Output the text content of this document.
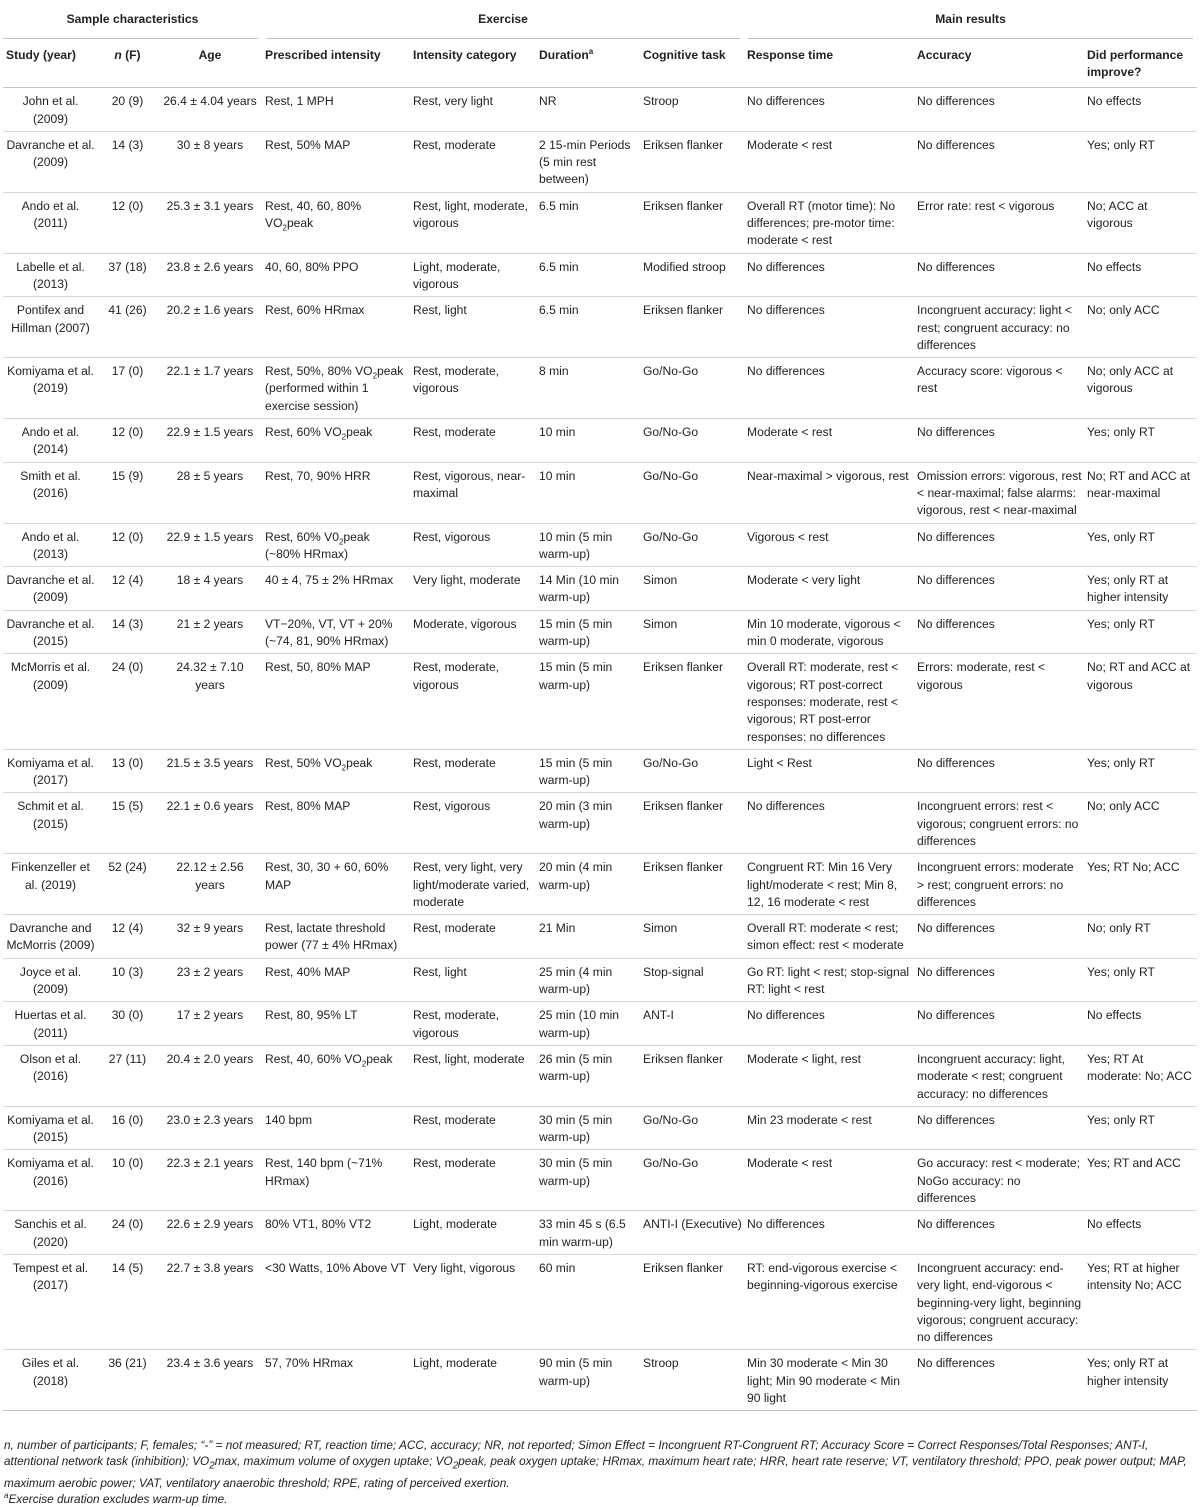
Sample characteristics			Exercise				Main results		

Study (year)	n (F)	Age	Prescribed intensity	Intensity category	Duration$^a$	Cognitive task	Response time	Accuracy	Did performance improve?
John et al. (2009)	20 (9)	26.4 ± 4.04 years	Rest, 1 MPH	Rest, very light	NR	Stroop	No differences	No differences	No effects
Davranche et al. (2009)	14 (3)	30 ± 8 years	Rest, 50% MAP	Rest, moderate	2 15-min Periods (5 min rest between)	Eriksen flanker	Moderate < rest	No differences	Yes; only RT
Ando et al. (2011)	12 (0)	25.3 ± 3.1 years	Rest, 40, 60, 80% $VO_2peak$	Rest, light, moderate, vigorous	6.5 min	Eriksen flanker	Overall RT (motor time): No differences; pre-motor time: moderate < rest	Error rate: rest < vigorous	No; ACC at vigorous
Labelle et al. (2013)	37 (18)	23.8 ± 2.6 years	40, 60, 80% PPO	Light, moderate, vigorous	6.5 min	Modified stroop	No differences	No differences	No effects
Pontifex and Hillman (2007)	41 (26)	20.2 ± 1.6 years	Rest, 60% HRmax	Rest, light	6.5 min	Eriksen flanker	No differences	Incongruent accuracy: light < rest; congruent accuracy: no differences	No; only ACC
Komiyama et al. (2019)	17 (0)	22.1 ± 1.7 years	Rest, 50%, 80% $VO_2peak$ (performed within 1 exercise session)	Rest, moderate, vigorous	8 min	Go/No-Go	No differences	Accuracy score: vigorous < rest	No; only ACC at vigorous
Ando et al. (2014)	12 (0)	22.9 ± 1.5 years	Rest, 60% $VO_2peak$	Rest, moderate	10 min	Go/No-Go	Moderate < rest	No differences	Yes; only RT
Smith et al. (2016)	15 (9)	28 ± 5 years	Rest, 70, 90% HRR	Rest, vigorous, near-maximal	10 min	Go/No-Go	Near-maximal > vigorous, rest	Omission errors: vigorous, rest < near-maximal; false alarms: vigorous, rest < near-maximal	No; RT and ACC at near-maximal
Ando et al. (2013)	12 (0)	22.9 ± 1.5 years	Rest, 60% $V0_2peak$ (~80% HRmax)	Rest, vigorous	10 min (5 min warm-up)	Go/No-Go	Vigorous < rest	No differences	Yes, only RT
Davranche et al. (2009)	12 (4)	18 ± 4 years	40 ± 4, 75 ± 2% HRmax	Very light, moderate	14 Min (10 min warm-up)	Simon	Moderate < very light	No differences	Yes; only RT at higher intensity
Davranche et al. (2015)	14 (3)	21 ± 2 years	VT−20%, VT, VT + 20% (~74, 81, 90% HRmax)	Moderate, vigorous	15 min (5 min warm-up)	Simon	Min 10 moderate, vigorous < min 0 moderate, vigorous	No differences	Yes; only RT
McMorris et al. (2009)	24 (0)	24.32 ± 7.10 years	Rest, 50, 80% MAP	Rest, moderate, vigorous	15 min (5 min warm-up)	Eriksen flanker	Overall RT: moderate, rest < vigorous; RT post-correct responses: moderate, rest < vigorous; RT post-error responses: no differences	Errors: moderate, rest < vigorous	No; RT and ACC at vigorous
Komiyama et al. (2017)	13 (0)	21.5 ± 3.5 years	Rest, 50% $VO_2peak$	Rest, moderate	15 min (5 min warm-up)	Go/No-Go	Light < Rest	No differences	Yes; only RT
Schmit et al. (2015)	15 (5)	22.1 ± 0.6 years	Rest, 80% MAP	Rest, vigorous	20 min (3 min warm-up)	Eriksen flanker	No differences	Incongruent errors: rest < vigorous; congruent errors: no differences	No; only ACC
Finkenzeller et al. (2019)	52 (24)	22.12 ± 2.56 years	Rest, 30, 30 + 60, 60% MAP	Rest, very light, very light/moderate varied, moderate	20 min (4 min warm-up)	Eriksen flanker	Congruent RT: Min 16 Very light/moderate < rest; Min 8, 12, 16 moderate < rest	Incongruent errors: moderate > rest; congruent errors: no differences	Yes; RT No; ACC
Davranche and McMorris (2009)	12 (4)	32 ± 9 years	Rest, lactate threshold power (77 ± 4% HRmax)	Rest, moderate	21 Min	Simon	Overall RT: moderate < rest; simon effect: rest < moderate	No differences	No; only RT
Joyce et al. (2009)	10 (3)	23 ± 2 years	Rest, 40% MAP	Rest, light	25 min (4 min warm-up)	Stop-signal	Go RT: light < rest; stop-signal RT: light < rest	No differences	Yes; only RT
Huertas et al. (2011)	30 (0)	17 ± 2 years	Rest, 80, 95% LT	Rest, moderate, vigorous	25 min (10 min warm-up)	ANT-I	No differences	No differences	No effects
Olson et al. (2016)	27 (11)	20.4 ± 2.0 years	Rest, 40, 60% $VO_2peak$	Rest, light, moderate	26 min (5 min warm-up)	Eriksen flanker	Moderate < light, rest	Incongruent accuracy: light, moderate < rest; congruent accuracy: no differences	Yes; RT At moderate: No; ACC
Komiyama et al. (2015)	16 (0)	23.0 ± 2.3 years	140 bpm	Rest, moderate	30 min (5 min warm-up)	Go/No-Go	Min 23 moderate < rest	No differences	Yes; only RT
Komiyama et al. (2016)	10 (0)	22.3 ± 2.1 years	Rest, 140 bpm (~71% HRmax)	Rest, moderate	30 min (5 min warm-up)	Go/No-Go	Moderate < rest	Go accuracy: rest < moderate; NoGo accuracy: no differences	Yes; RT and ACC
Sanchis et al. (2020)	24 (0)	22.6 ± 2.9 years	80% VT1, 80% VT2	Light, moderate	33 min 45 s (6.5 min warm-up)	ANTI-I (Executive)	No differences	No differences	No effects
Tempest et al. (2017)	14 (5)	22.7 ± 3.8 years	<30 Watts, 10% Above VT	Very light, vigorous	60 min	Eriksen flanker	RT: end-vigorous exercise < beginning-vigorous exercise	Incongruent accuracy: end-very light, end-vigorous < beginning-very light, beginning vigorous; congruent accuracy: no differences	Yes; RT at higher intensity No; ACC
Giles et al. (2018)	36 (21)	23.4 ± 3.6 years	57, 70% HRmax	Light, moderate	90 min (5 min warm-up)	Stroop	Min 30 moderate < Min 30 light; Min 90 moderate < Min 90 light	No differences	Yes; only RT at higher intensity
n, number of participants; F, females; “-” = not measured; RT, reaction time; ACC, accuracy; NR, not reported; Simon Effect = Incongruent RT-Congruent RT; Accuracy Score = Correct Responses/Total Responses; ANT-I, attentional network task (inhibition); $VO_2\max$, maximum volume of oxygen uptake; $VO_2peak$, peak oxygen uptake; HRmax, maximum heart rate; HRR, heart rate reserve; VT, ventilatory threshold; PPO, peak power output; MAP, maximum aerobic power; VAT, ventilatory anaerobic threshold; RPE, rating of perceived exertion.
$^a$Exercise duration excludes warm-up time.
